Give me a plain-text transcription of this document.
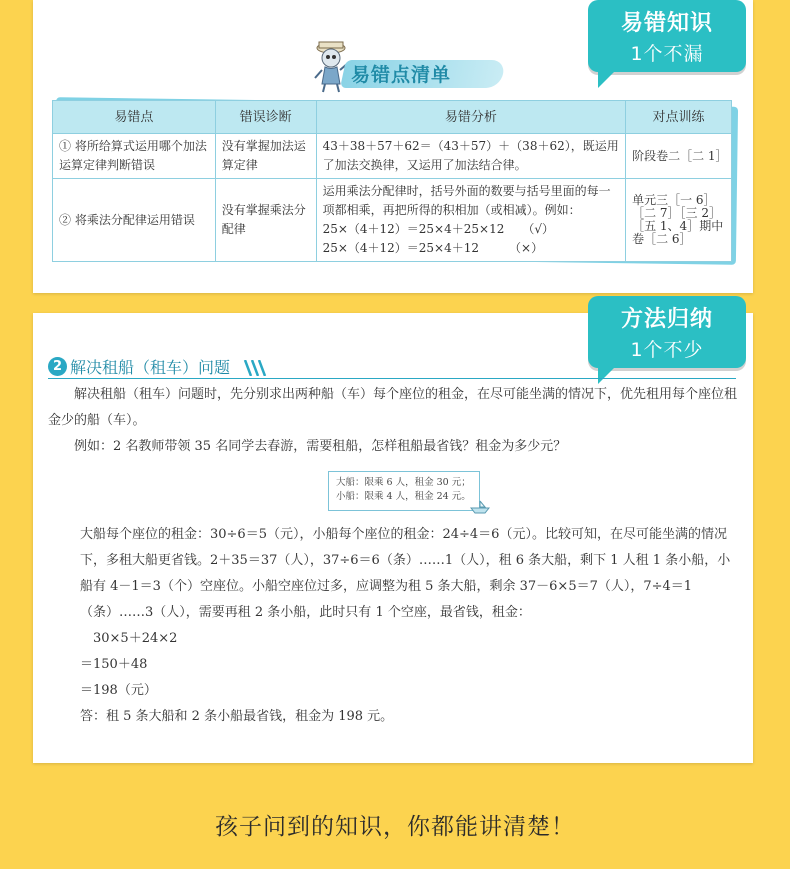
易错点清单
易错点	错误诊断	易错分析	对点训练
① 将所给算式运用哪个加法运算定律判断错误	没有掌握加法运算定律	43＋38＋57＋62＝（43＋57）＋（38＋62），既运用了加法交换律，又运用了加法结合律。	阶段卷二［二 1］
② 将乘法分配律运用错误	没有掌握乘法分配律	运用乘法分配律时，括号外面的数要与括号里面的每一项都相乘，再把所得的积相加（或相减）。例如：
25×（4＋12）＝25×4＋25×12　　（√）
25×（4＋12）＝25×4＋12　　　（×）	单元三［一 6］［二 7］［三 2］［五 1、4］期中卷［二 6］
易错知识
1个不漏
方法归纳
1个不少
2 解决租船（租车）问题

解决租船（租车）问题时，先分别求出两种船（车）每个座位的租金，在尽可能坐满的情况下，优先租用每个座位租金少的船（车）。

例如：2 名教师带领 35 名同学去春游，需要租船，怎样租船最省钱？租金为多少元？

大船：限乘 6 人，租金 30 元；
小船：限乘 4 人，租金 24 元。

大船每个座位的租金：30÷6＝5（元），小船每个座位的租金：24÷4＝6（元）。比较可知，在尽可能坐满的情况下，多租大船更省钱。2＋35＝37（人），37÷6＝6（条）……1（人），租 6 条大船，剩下 1 人租 1 条小船，小船有 4－1＝3（个）空座位。小船空座位过多，应调整为租 5 条大船，剩余 37－6×5＝7（人），7÷4＝1（条）……3（人），需要再租 2 条小船，此时只有 1 个空座，最省钱，租金：

30×5＋24×2

＝150＋48

＝198（元）

答：租 5 条大船和 2 条小船最省钱，租金为 198 元。

孩子问到的知识，你都能讲清楚！
